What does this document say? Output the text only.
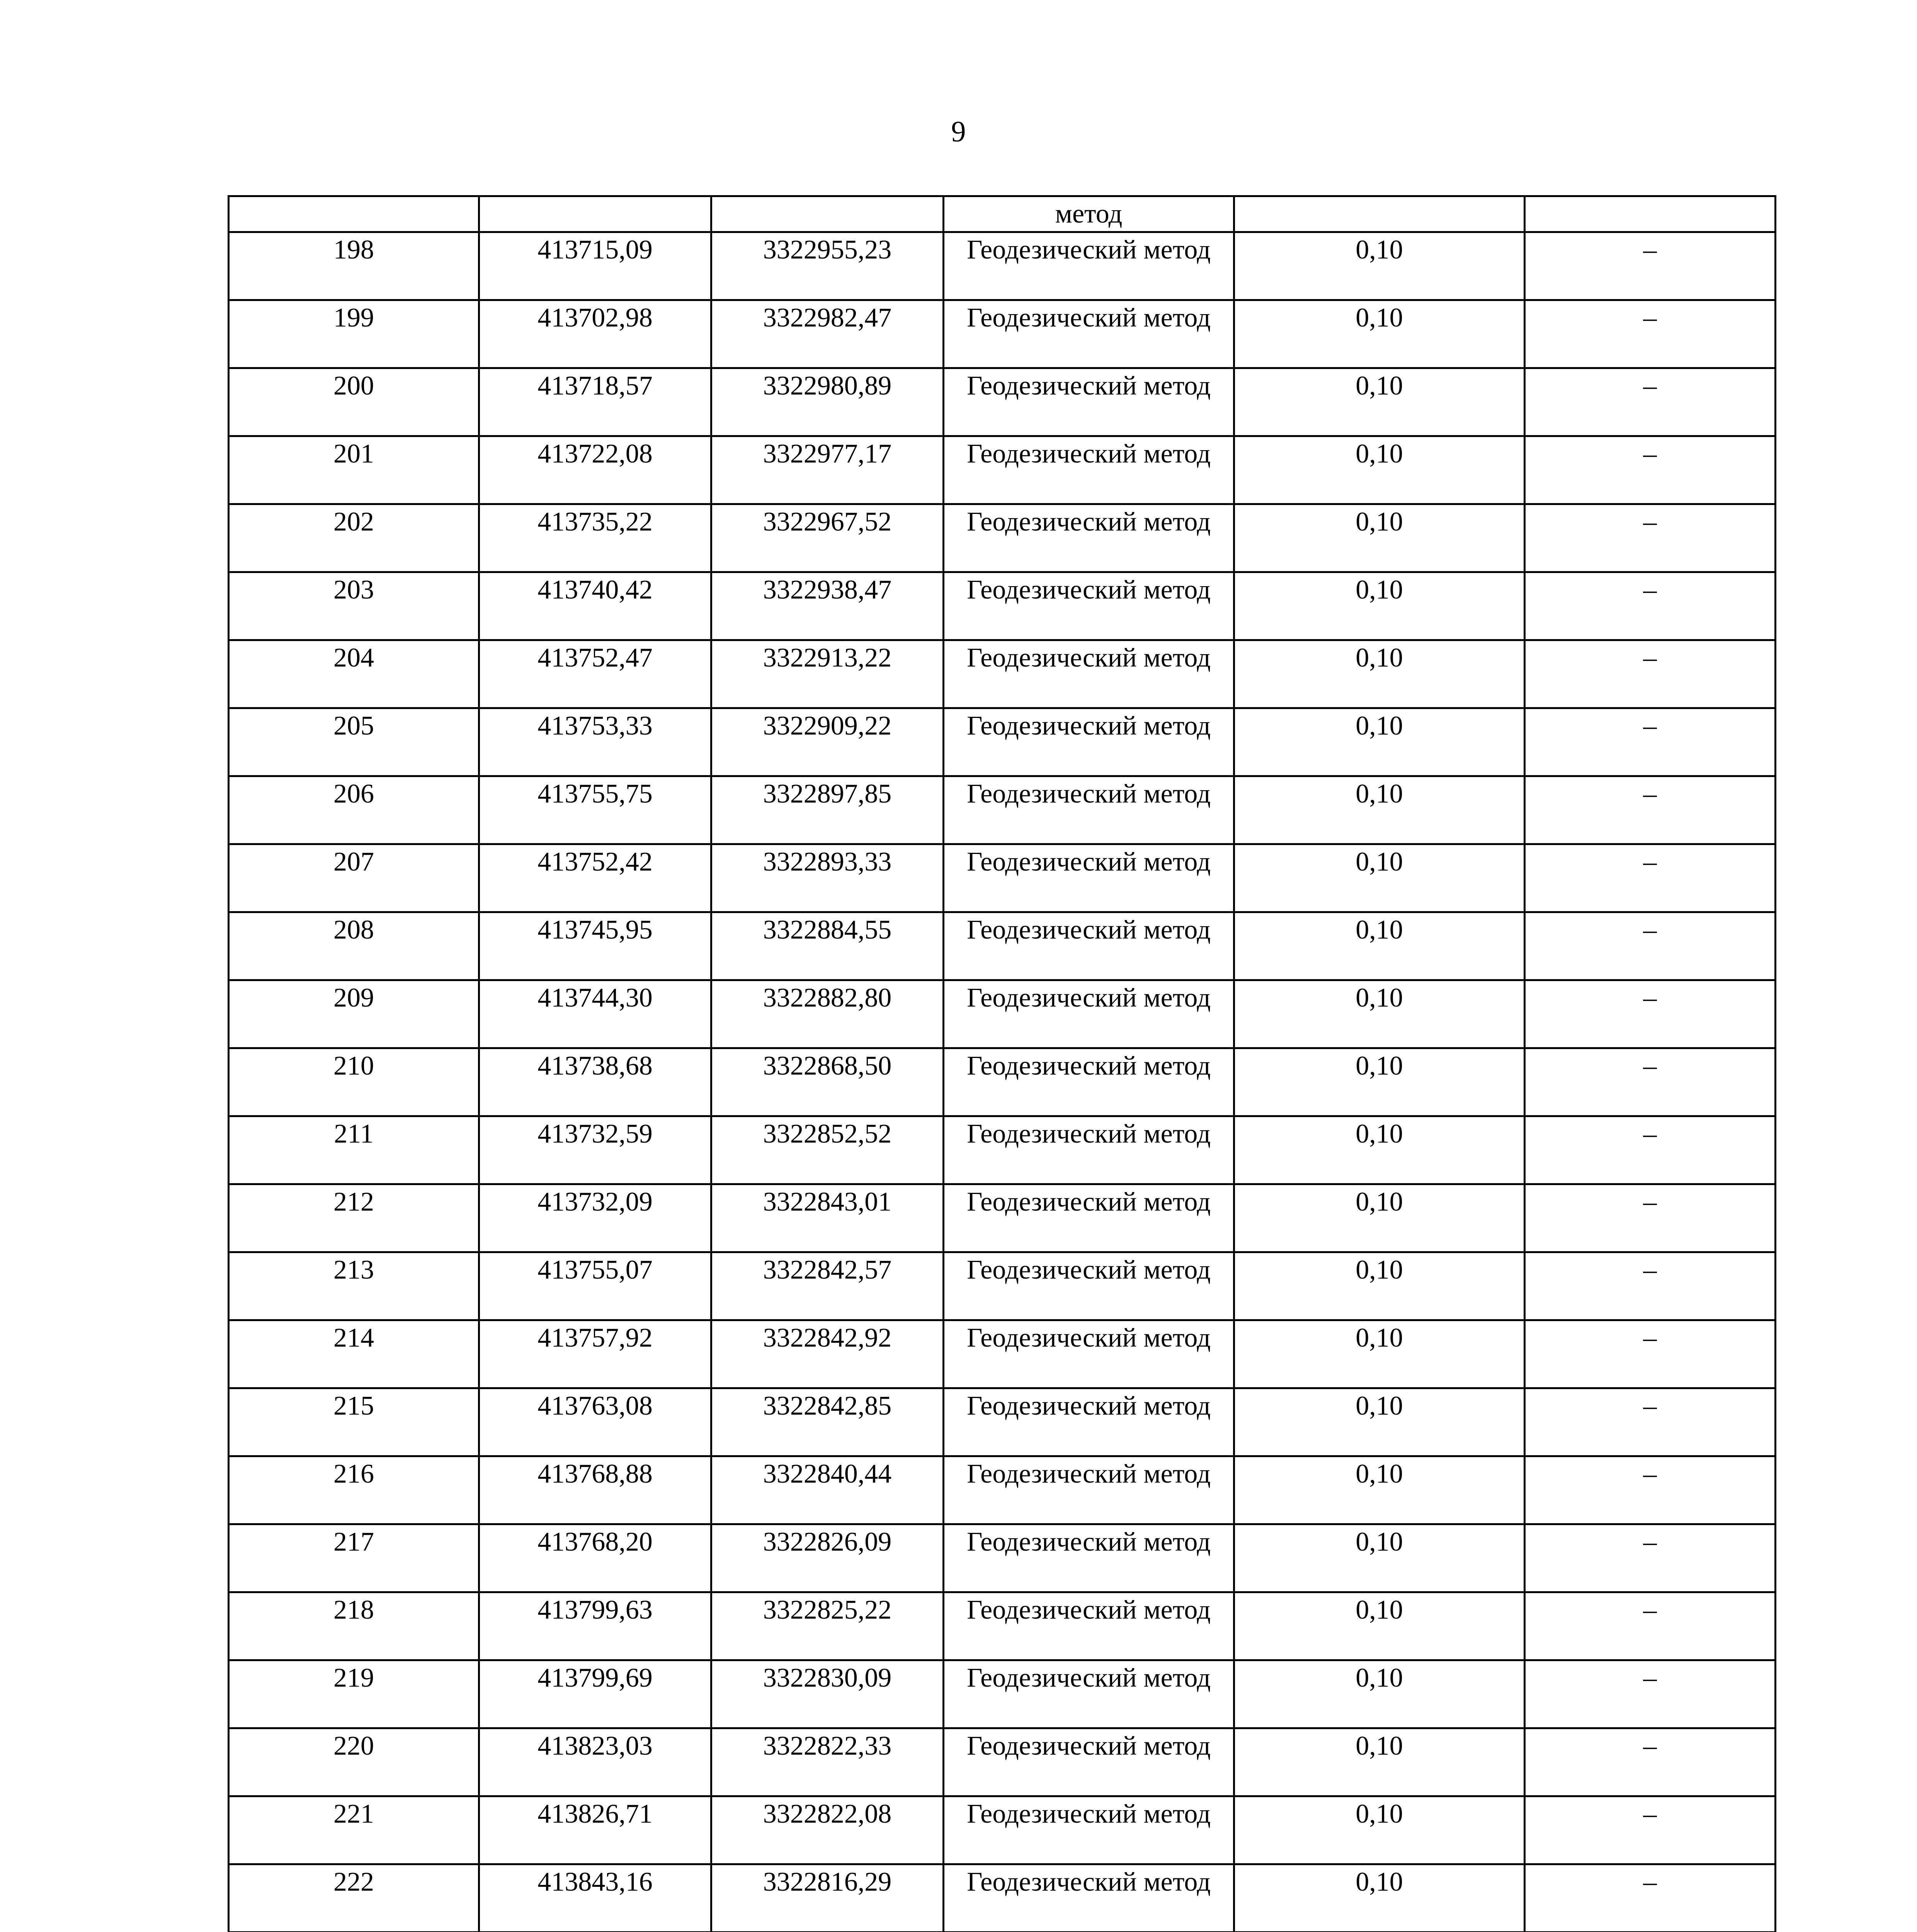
9
			метод		
198	413715,09	3322955,23	Геодезический метод	0,10	–
199	413702,98	3322982,47	Геодезический метод	0,10	–
200	413718,57	3322980,89	Геодезический метод	0,10	–
201	413722,08	3322977,17	Геодезический метод	0,10	–
202	413735,22	3322967,52	Геодезический метод	0,10	–
203	413740,42	3322938,47	Геодезический метод	0,10	–
204	413752,47	3322913,22	Геодезический метод	0,10	–
205	413753,33	3322909,22	Геодезический метод	0,10	–
206	413755,75	3322897,85	Геодезический метод	0,10	–
207	413752,42	3322893,33	Геодезический метод	0,10	–
208	413745,95	3322884,55	Геодезический метод	0,10	–
209	413744,30	3322882,80	Геодезический метод	0,10	–
210	413738,68	3322868,50	Геодезический метод	0,10	–
211	413732,59	3322852,52	Геодезический метод	0,10	–
212	413732,09	3322843,01	Геодезический метод	0,10	–
213	413755,07	3322842,57	Геодезический метод	0,10	–
214	413757,92	3322842,92	Геодезический метод	0,10	–
215	413763,08	3322842,85	Геодезический метод	0,10	–
216	413768,88	3322840,44	Геодезический метод	0,10	–
217	413768,20	3322826,09	Геодезический метод	0,10	–
218	413799,63	3322825,22	Геодезический метод	0,10	–
219	413799,69	3322830,09	Геодезический метод	0,10	–
220	413823,03	3322822,33	Геодезический метод	0,10	–
221	413826,71	3322822,08	Геодезический метод	0,10	–
222	413843,16	3322816,29	Геодезический метод	0,10	–
